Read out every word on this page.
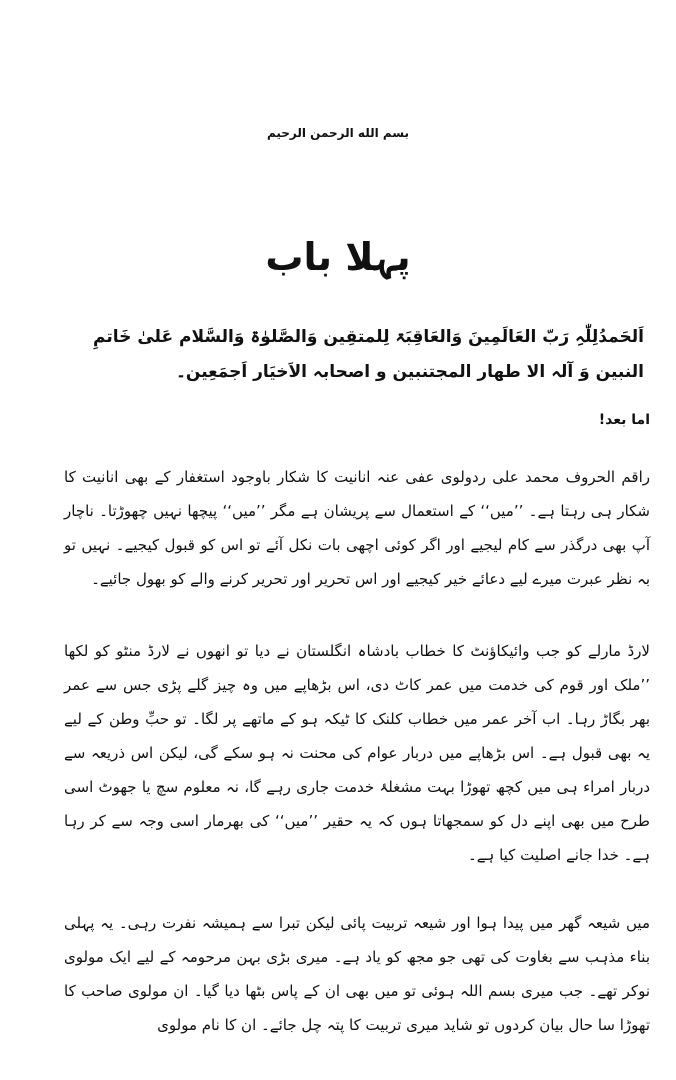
بسم الله الرحمن الرحيم
پہلا باب
اَلحَمدُلِلّٰہِ رَبّ العَالَمِینَ وَالعَاقِبَۃ لِلمتقِین وَالصَّلوٰۃ وَالسَّلام عَلیٰ خَاتمِ النبین وَ آلہ الا طھار المجتنبین و اصحابہ الاَخیَار اَجمَعِین۔
اما بعد!
راقم الحروف محمد علی ردولوی عفی عنہ انانیت کا شکار باوجود استغفار کے بھی انانیت کا شکار ہی رہتا ہے۔ ’’میں‘‘ کے استعمال سے پریشان ہے مگر ’’میں‘‘ پیچھا نہیں چھوڑتا۔ ناچار آپ بھی درگذر سے کام لیجیے اور اگر کوئی اچھی بات نکل آئے تو اس کو قبول کیجیے۔ نہیں تو بہ نظر عبرت میرے لیے دعائے خیر کیجیے اور اس تحریر اور تحریر کرنے والے کو بھول جائیے۔
لارڈ مارلے کو جب وائیکاؤنٹ کا خطاب بادشاہ انگلستان نے دیا تو انھوں نے لارڈ منٹو کو لکھا ’’ملک اور قوم کی خدمت میں عمر کاٹ دی، اس بڑھاپے میں وہ چیز گلے پڑی جس سے عمر بھر بگاڑ رہا۔ اب آخر عمر میں خطاب کلنک کا ٹیکہ ہو کے ماتھے پر لگا۔ تو حبِّ وطن کے لیے یہ بھی قبول ہے۔ اس بڑھاپے میں دربار عوام کی محنت نہ ہو سکے گی، لیکن اس ذریعہ سے دربار امراء ہی میں کچھ تھوڑا بہت مشغلۂ خدمت جاری رہے گا، نہ معلوم سچ یا جھوٹ اسی طرح میں بھی اپنے دل کو سمجھاتا ہوں کہ یہ حقیر ’’میں‘‘ کی بھرمار اسی وجہ سے کر رہا ہے۔ خدا جانے اصلیت کیا ہے۔
میں شیعہ گھر میں پیدا ہوا اور شیعہ تربیت پائی لیکن تبرا سے ہمیشہ نفرت رہی۔ یہ پہلی بناء مذہب سے بغاوت کی تھی جو مجھ کو یاد ہے۔ میری بڑی بہن مرحومہ کے لیے ایک مولوی نوکر تھے۔ جب میری بسم اللہ ہوئی تو میں بھی ان کے پاس بٹھا دیا گیا۔ ان مولوی صاحب کا تھوڑا سا حال بیان کردوں تو شاید میری تربیت کا پتہ چل جائے۔ ان کا نام مولوی
